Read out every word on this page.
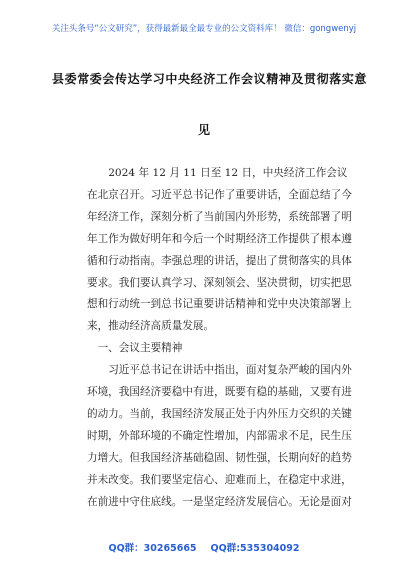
关注头条号“公文研究”，获得最新最全最专业的公文资料库！ 微信：gongwenyj
县委常委会传达学习中央经济工作会议精神及贯彻落实意
见

2024 年 12 月 11 日至 12 日，中央经济工作会议在北京召开。习近平总书记作了重要讲话，全面总结了今年经济工作，深刻分析了当前国内外形势，系统部署了明年工作为做好明年和今后一个时期经济工作提供了根本遵循和行动指南。李强总理的讲话，提出了贯彻落实的具体要求。我们要认真学习、深刻领会、坚决贯彻，切实把思想和行动统一到总书记重要讲话精神和党中央决策部署上来，推动经济高质量发展。

一、会议主要精神

习近平总书记在讲话中指出，面对复杂严峻的国内外环境，我国经济要稳中有进，既要有稳的基础，又要有进的动力。当前，我国经济发展正处于内外压力交织的关键时期，外部环境的不确定性增加，内部需求不足，民生压力增大。但我国经济基础稳固、韧性强，长期向好的趋势并未改变。我们要坚定信心、迎难而上，在稳定中求进，在前进中守住底线。一是坚定经济发展信心。无论是面对

QQ群：30265665 QQ群:535304092
